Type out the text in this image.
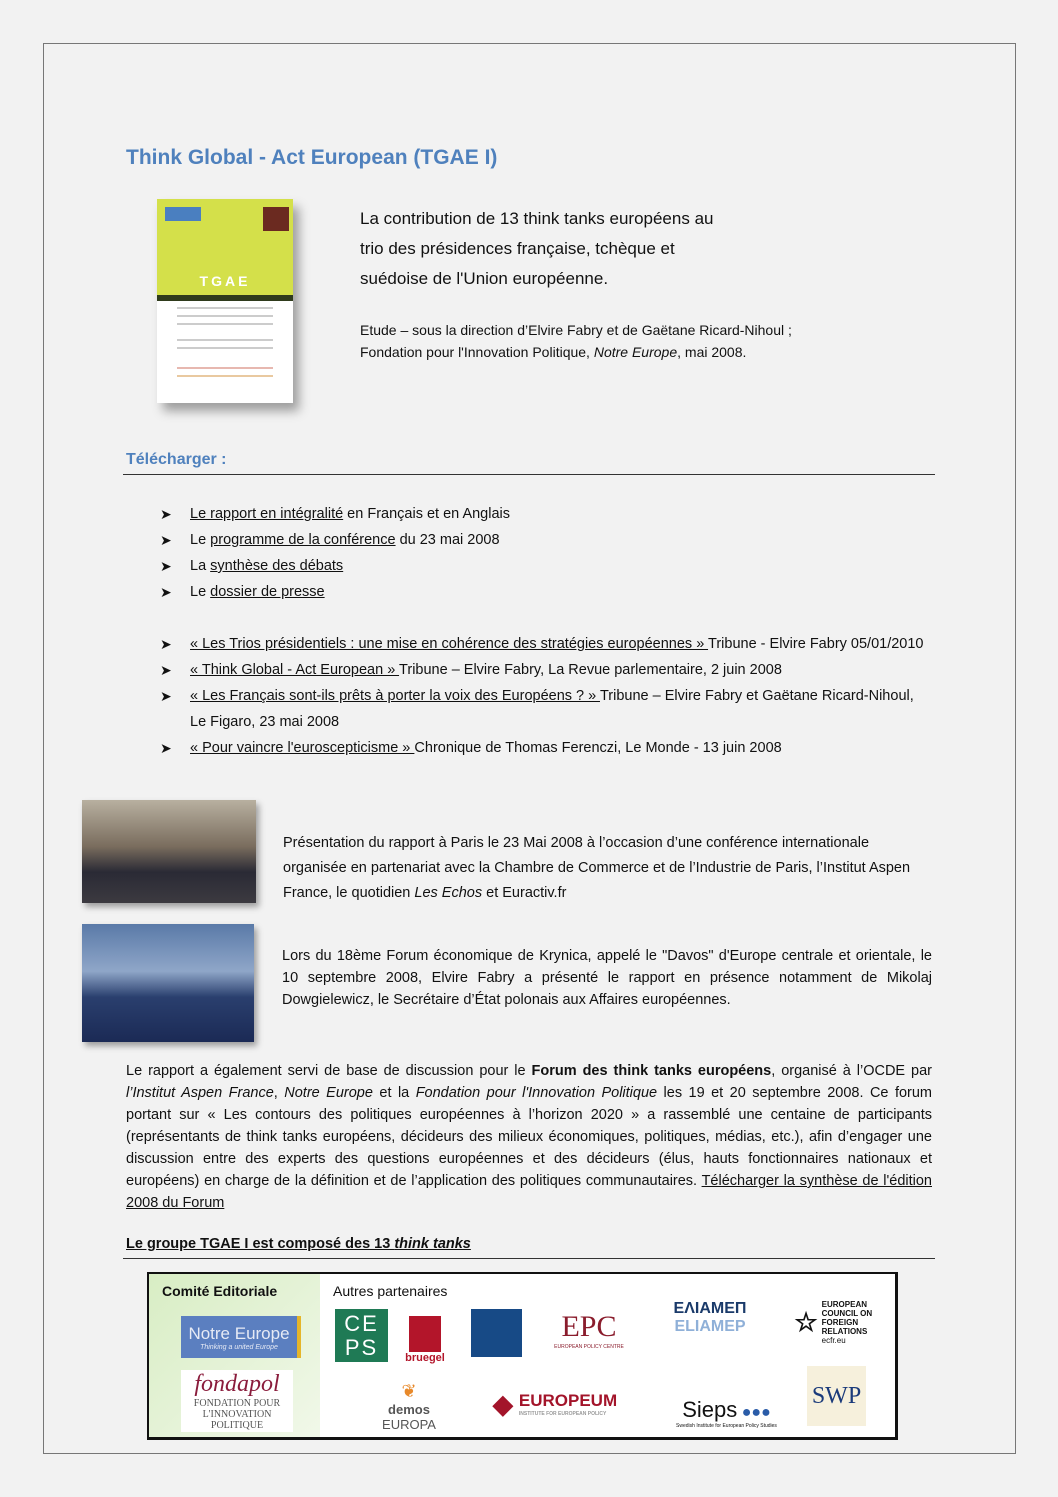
Think Global - Act European (TGAE I)
TGAE
La contribution de 13 think tanks européens au
trio des présidences française, tchèque et
suédoise de l'Union européenne.
Etude – sous la direction d’Elvire Fabry et de Gaëtane Ricard-Nihoul ;
Fondation pour l'Innovation Politique, Notre Europe, mai 2008.
Télécharger :
➤ Le rapport en intégralité en Français et en Anglais
➤ Le programme de la conférence du 23 mai 2008
➤ La synthèse des débats
➤ Le dossier de presse
➤ « Les Trios présidentiels : une mise en cohérence des stratégies européennes » Tribune - Elvire Fabry 05/01/2010
➤ « Think Global - Act European » Tribune – Elvire Fabry, La Revue parlementaire, 2 juin 2008
➤ « Les Français sont-ils prêts à porter la voix des Européens ? » Tribune – Elvire Fabry et Gaëtane Ricard-Nihoul, Le Figaro, 23 mai 2008
➤ « Pour vaincre l'euroscepticisme » Chronique de Thomas Ferenczi, Le Monde - 13 juin 2008
Présentation du rapport à Paris le 23 Mai 2008 à l’occasion d’une conférence internationale organisée en partenariat avec la Chambre de Commerce et de l’Industrie de Paris, l’Institut Aspen France, le quotidien Les Echos et Euractiv.fr
Lors du 18ème Forum économique de Krynica, appelé le "Davos" d'Europe centrale et orientale, le 10 septembre 2008, Elvire Fabry a présenté le rapport en présence notamment de Mikolaj Dowgielewicz, le Secrétaire d’État polonais aux Affaires européennes.
Le rapport a également servi de base de discussion pour le Forum des think tanks européens, organisé à l’OCDE par l’Institut Aspen France, Notre Europe et la Fondation pour l'Innovation Politique les 19 et 20 septembre 2008. Ce forum portant sur « Les contours des politiques européennes à l’horizon 2020 » a rassemblé une centaine de participants (représentants de think tanks européens, décideurs des milieux économiques, politiques, médias, etc.), afin d’engager une discussion entre des experts des questions européennes et des décideurs (élus, hauts fonctionnaires nationaux et européens) en charge de la définition et de l’application des politiques communautaires. Télécharger la synthèse de l'édition 2008 du Forum
Le groupe TGAE I est composé des 13 think tanks
Comité Editoriale	Autres partenaires
Notre Europe
Thinking a united Europe
fondapol
FONDATION POUR L'INNOVATION POLITIQUE
CEPS	bruegel
EPC
EUROPEAN POLICY CENTRE
ΕΛΙΑΜΕΠ
ELIAMEP ☆
EUROPEAN COUNCIL ON FOREIGN RELATIONS
ecfr.eu
❦
demos
EUROPA
◆ EUROPEUM
INSTITUTE FOR EUROPEAN POLICY	Sieps ●●●
Swedish Institute for European Policy Studies
SWP
